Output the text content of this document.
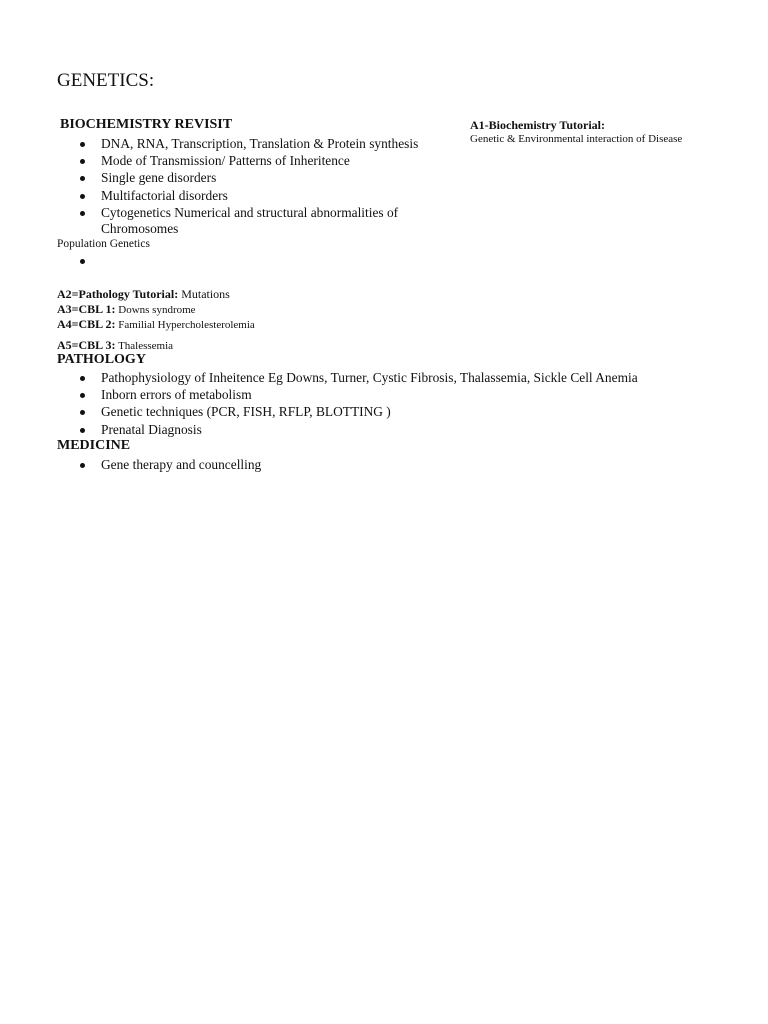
GENETICS:
BIOCHEMISTRY REVISIT
DNA, RNA, Transcription, Translation & Protein synthesis
Mode of Transmission/ Patterns of Inheritence
Single gene disorders
Multifactorial disorders
Cytogenetics Numerical and structural abnormalities of
Chromosomes
Population Genetics
A1-Biochemistry Tutorial:
Genetic & Environmental interaction of Disease
A2=Pathology Tutorial: Mutations
A3=CBL 1: Downs syndrome
A4=CBL 2: Familial Hypercholesterolemia
A5=CBL 3: Thalessemia
PATHOLOGY
Pathophysiology of Inheitence Eg Downs, Turner, Cystic Fibrosis, Thalassemia, Sickle Cell Anemia
Inborn errors of metabolism
Genetic techniques (PCR, FISH, RFLP, BLOTTING )
Prenatal Diagnosis
MEDICINE
Gene therapy and councelling
